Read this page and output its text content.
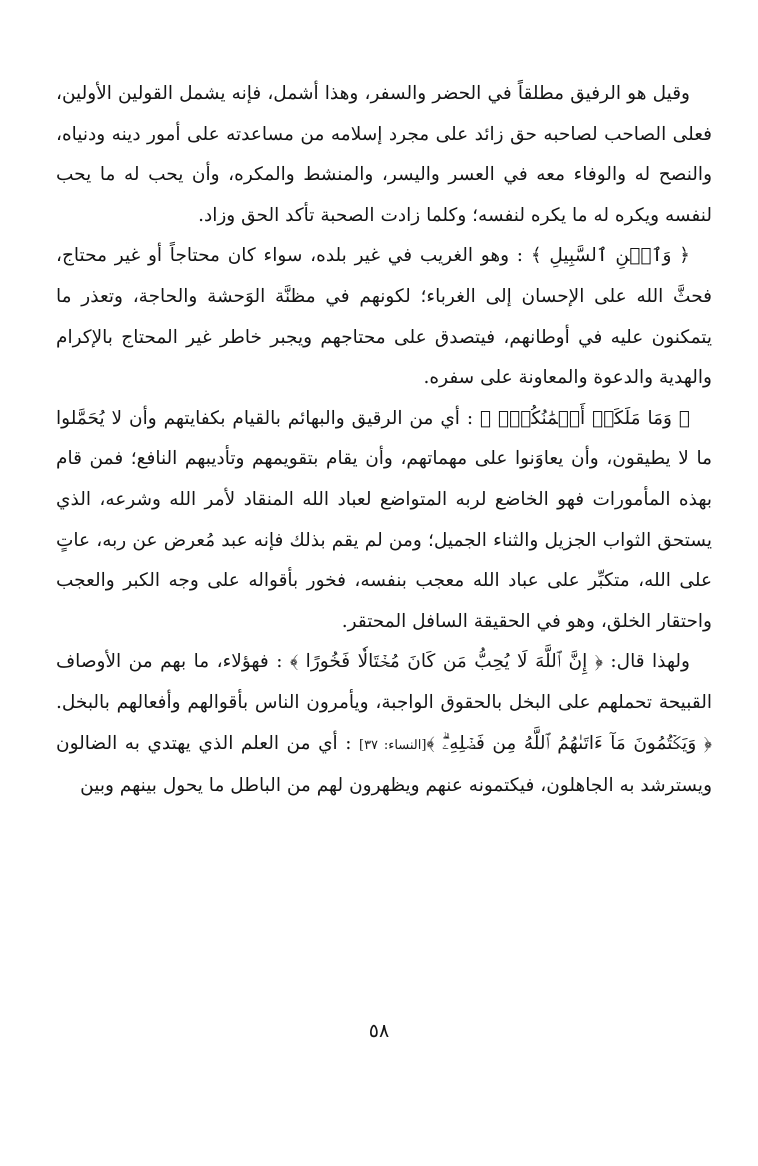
وقيل هو الرفيق مطلقاً في الحضر والسفر، وهذا أشمل، فإنه يشمل القولين الأولين، فعلى الصاحب لصاحبه حق زائد على مجرد إسلامه من مساعدته على أمور دينه ودنياه، والنصح له والوفاء معه في العسر واليسر، والمنشط والمكره، وأن يحب له ما يحب لنفسه ويكره له ما يكره لنفسه؛ وكلما زادت الصحبة تأكد الحق وزاد.

﴿ وَٱبۡنِ ٱلسَّبِيلِ ﴾ : وهو الغريب في غير بلده، سواء كان محتاجاً أو غير محتاج، فحثَّ الله على الإحسان إلى الغرباء؛ لكونهم في مظنَّة الوَحشة والحاجة، وتعذر ما يتمكنون عليه في أوطانهم، فيتصدق على محتاجهم ويجبر خاطر غير المحتاج بالإكرام والهدية والدعوة والمعاونة على سفره.

﴿ وَمَا مَلَكَتۡ أَيۡمَٰنُكُمۡۗ ﴾ : أي من الرقيق والبهائم بالقيام بكفايتهم وأن لا يُحَمَّلوا ما لا يطيقون، وأن يعاوَنوا على مهماتهم، وأن يقام بتقويمهم وتأديبهم النافع؛ فمن قام بهذه المأمورات فهو الخاضع لربه المتواضع لعباد الله المنقاد لأمر الله وشرعه، الذي يستحق الثواب الجزيل والثناء الجميل؛ ومن لم يقم بذلك فإنه عبد مُعرض عن ربه، عاتٍ على الله، متكبِّر على عباد الله معجب بنفسه، فخور بأقواله على وجه الكبر والعجب واحتقار الخلق، وهو في الحقيقة السافل المحتقر.

ولهذا قال: ﴿ إِنَّ ٱللَّهَ لَا يُحِبُّ مَن كَانَ مُخۡتَالٗا فَخُورًا ﴾ : فهؤلاء، ما بهم من الأوصاف القبيحة تحملهم على البخل بالحقوق الواجبة، ويأمرون الناس بأقوالهم وأفعالهم بالبخل. ﴿ وَيَكۡتُمُونَ مَآ ءَاتَىٰهُمُ ٱللَّهُ مِن فَضۡلِهِۦۗ ﴾[النساء: ٣٧] : أي من العلم الذي يهتدي به الضالون ويسترشد به الجاهلون، فيكتمونه عنهم ويظهرون لهم من الباطل ما يحول بينهم وبين

٥٨
